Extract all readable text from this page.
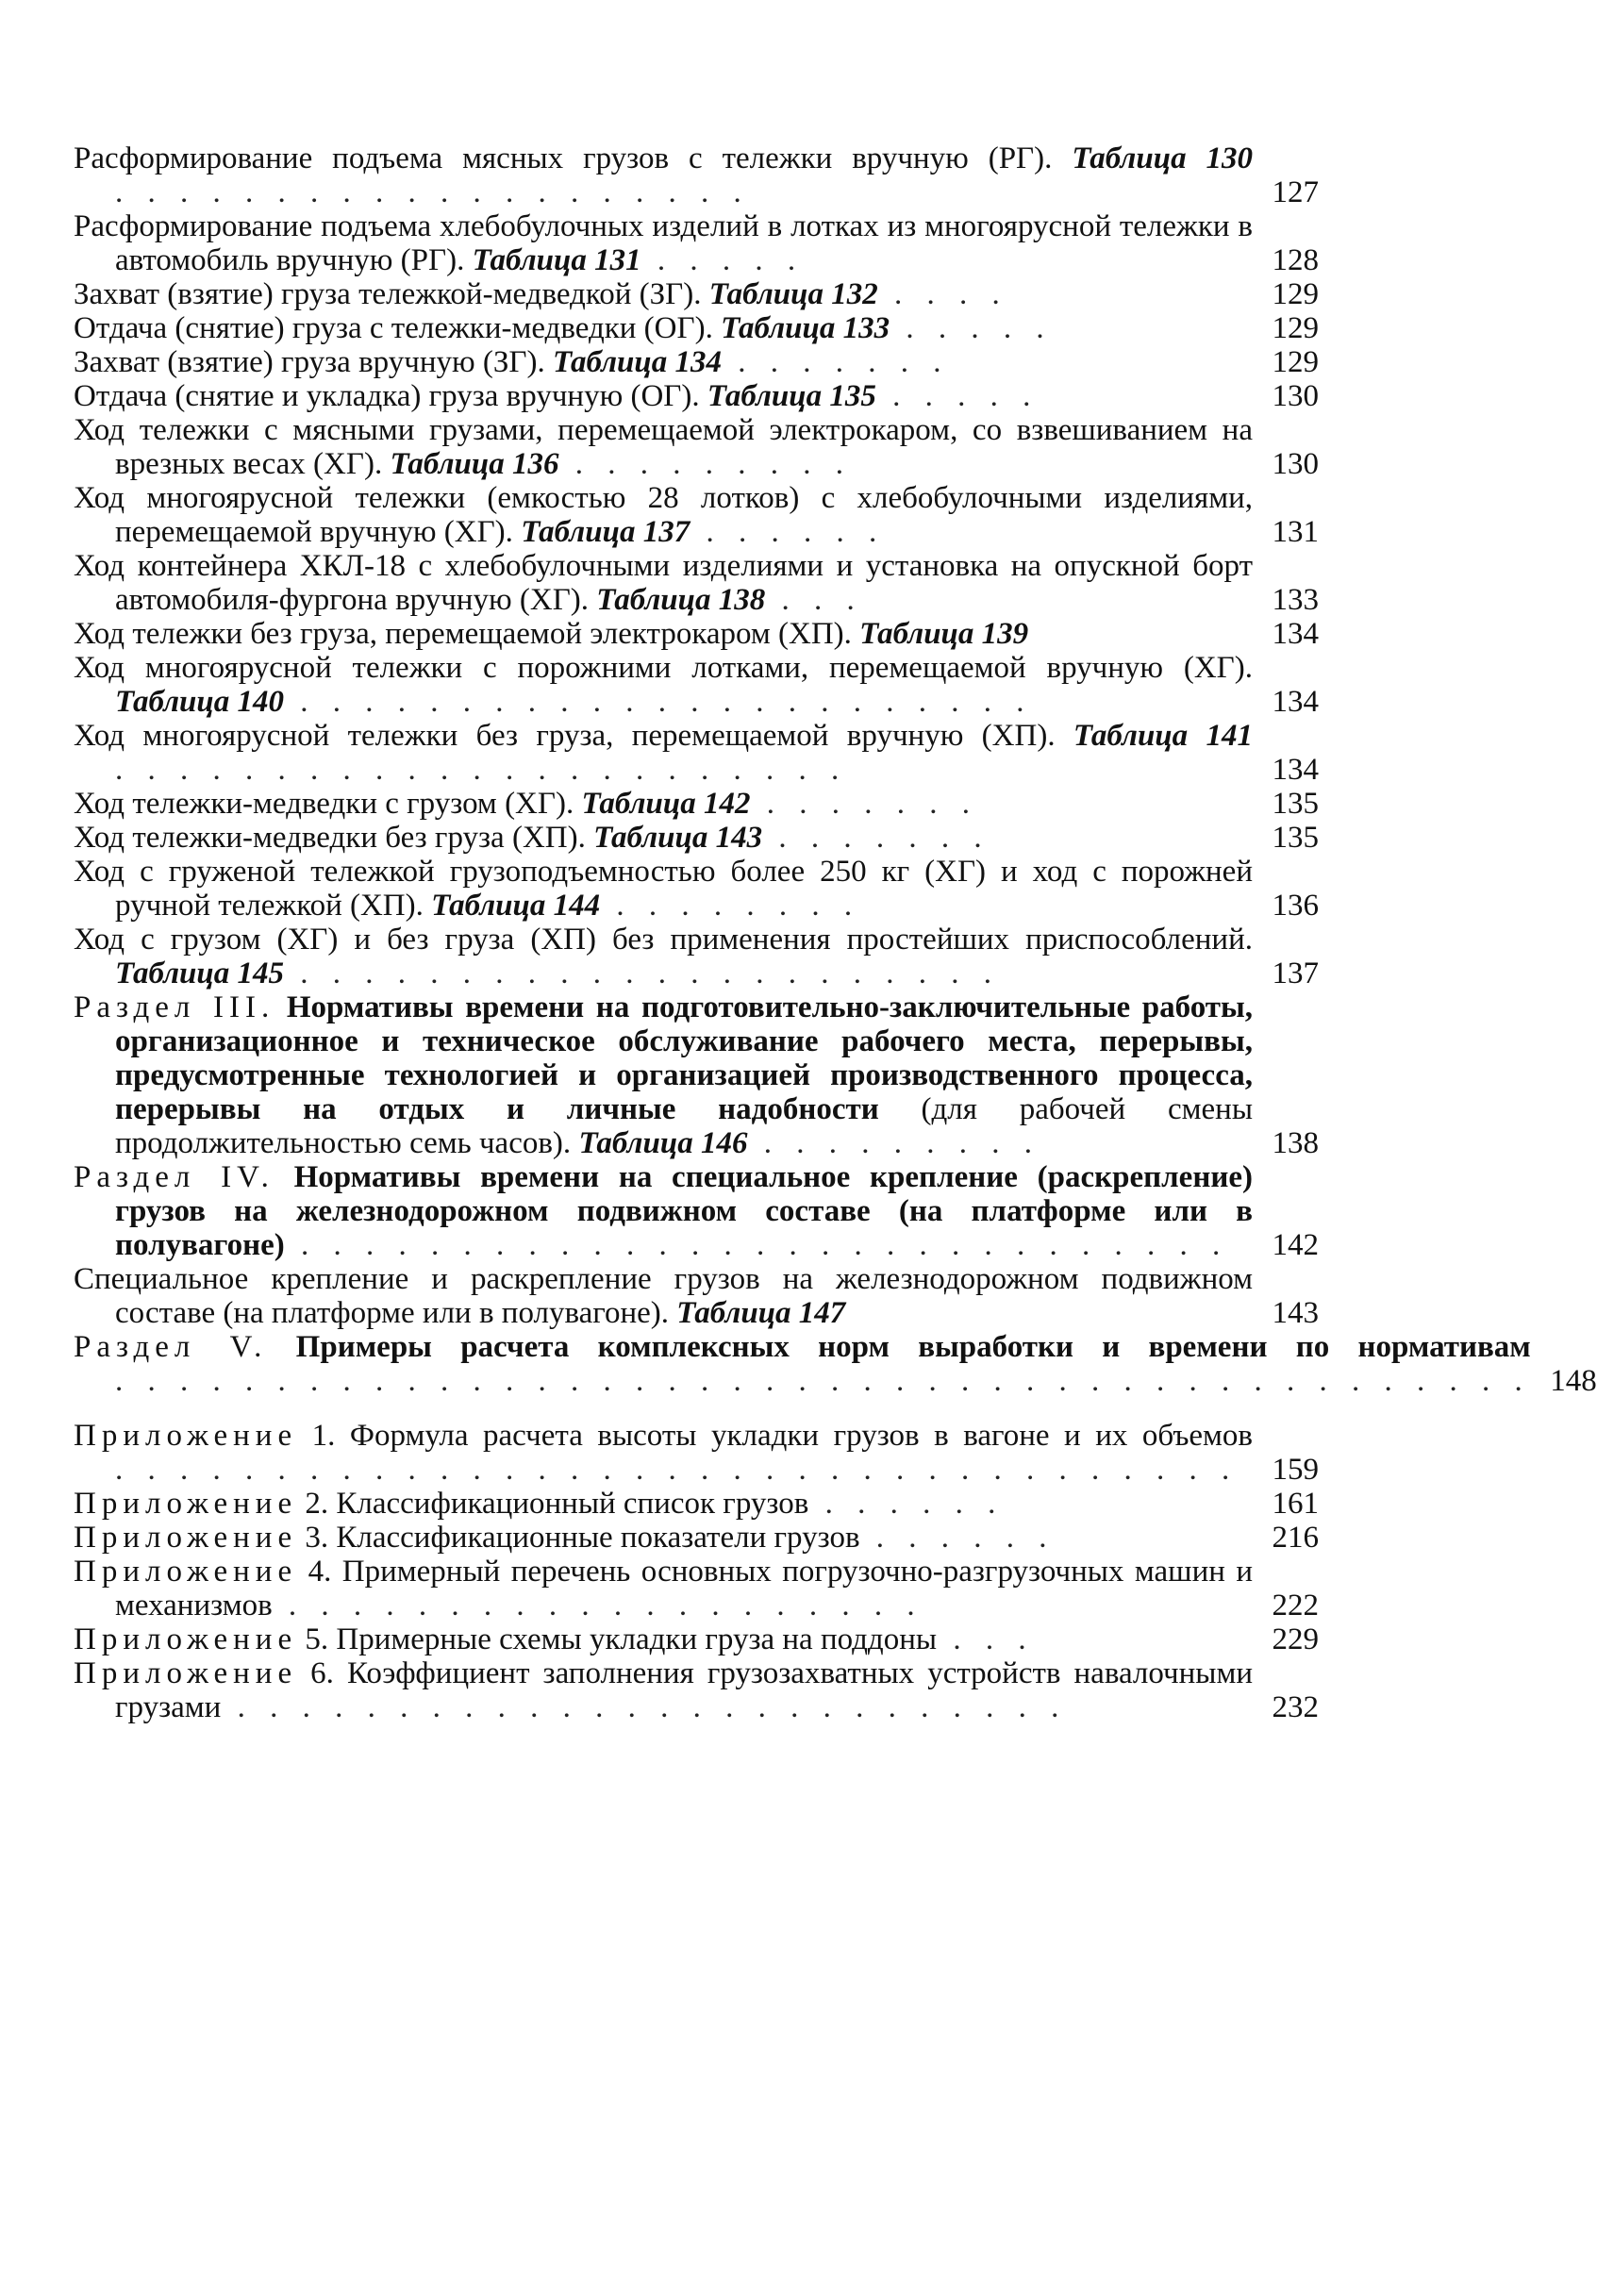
Расформирование подъема мясных грузов с тележки вручную (РГ). Таблица 130 . . . . . . . . . . . . . . . . . . . .	127
Расформирование подъема хлебобулочных изделий в лотках из многоярусной тележки в автомобиль вручную (РГ). Таблица 131 . . . . .	128
Захват (взятие) груза тележкой-медведкой (ЗГ). Таблица 132 . . . .	129
Отдача (снятие) груза с тележки-медведки (ОГ). Таблица 133 . . . . .	129
Захват (взятие) груза вручную (ЗГ). Таблица 134 . . . . . . .	129
Отдача (снятие и укладка) груза вручную (ОГ). Таблица 135 . . . . .	130
Ход тележки с мясными грузами, перемещаемой электрокаром, со взвешиванием на врезных весах (ХГ). Таблица 136 . . . . . . . . .	130
Ход многоярусной тележки (емкостью 28 лотков) с хлебобулочными изделиями, перемещаемой вручную (ХГ). Таблица 137 . . . . . .	131
Ход контейнера ХКЛ-18 с хлебобулочными изделиями и установка на опускной борт автомобиля-фургона вручную (ХГ). Таблица 138 . . .	133
Ход тележки без груза, перемещаемой электрокаром (ХП). Таблица 139	134
Ход многоярусной тележки с порожними лотками, перемещаемой вручную (ХГ). Таблица 140 . . . . . . . . . . . . . . . . . . . . . . .	134
Ход многоярусной тележки без груза, перемещаемой вручную (ХП). Таблица 141 . . . . . . . . . . . . . . . . . . . . . . .	134
Ход тележки-медведки с грузом (ХГ). Таблица 142 . . . . . . .	135
Ход тележки-медведки без груза (ХП). Таблица 143 . . . . . . .	135
Ход с груженой тележкой грузоподъемностью более 250 кг (ХГ) и ход с порожней ручной тележкой (ХП). Таблица 144 . . . . . . . .	136
Ход с грузом (ХГ) и без груза (ХП) без применения простейших приспособлений. Таблица 145 . . . . . . . . . . . . . . . . . . . . . .	137
Раздел III. Нормативы времени на подготовительно-заключительные работы, организационное и техническое обслуживание рабочего места, перерывы, предусмотренные технологией и организацией производственного процесса, перерывы на отдых и личные надобности (для рабочей смены продолжительностью семь часов). Таблица 146 . . . . . . . . .	138
Раздел IV. Нормативы времени на специальное крепление (раскрепление) грузов на железнодорожном подвижном составе (на платформе или в полувагоне) . . . . . . . . . . . . . . . . . . . . . . . . . . . . .	142
Специальное крепление и раскрепление грузов на железнодорожном подвижном составе (на платформе или в полувагоне). Таблица 147	143
Раздел V. Примеры расчета комплексных норм выработки и времени по нормативам . . . . . . . . . . . . . . . . . . . . . . . . . . . . . . . . . . . . . . . . . . . . 148
Приложение 1. Формула расчета высоты укладки грузов в вагоне и их объемов . . . . . . . . . . . . . . . . . . . . . . . . . . . . . . . . . . .	159
Приложение 2. Классификационный список грузов . . . . . .	161
Приложение 3. Классификационные показатели грузов . . . . . .	216
Приложение 4. Примерный перечень основных погрузочно-разгрузочных машин и механизмов . . . . . . . . . . . . . . . . . . . .	222
Приложение 5. Примерные схемы укладки груза на поддоны . . .	229
Приложение 6. Коэффициент заполнения грузозахватных устройств навалочными грузами . . . . . . . . . . . . . . . . . . . . . . . . . .	232
